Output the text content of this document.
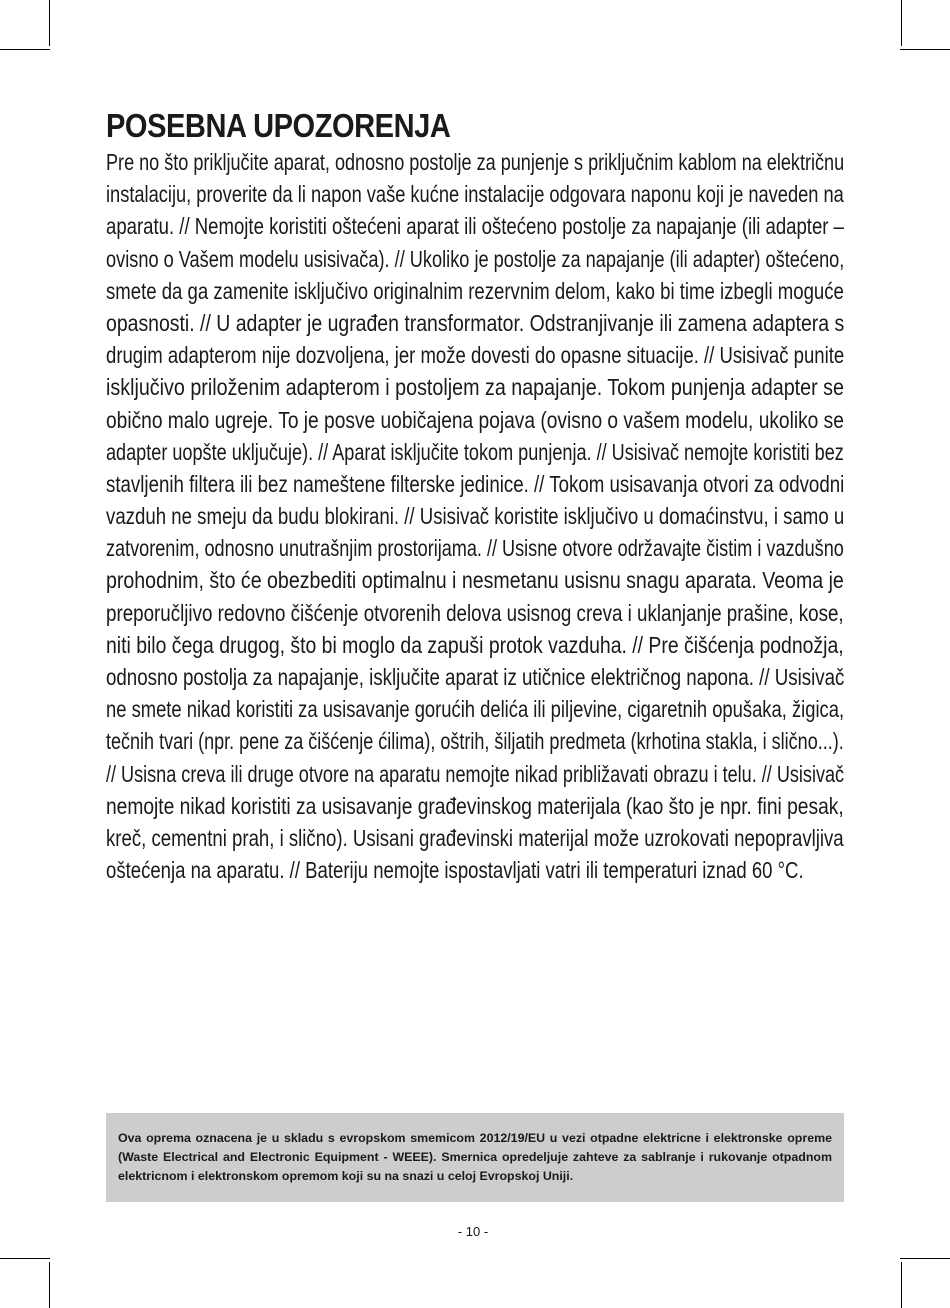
POSEBNA UPOZORENJA
Pre no što priključite aparat, odnosno postolje za punjenje s priključnim kablom na električnu
instalaciju, proverite da li napon vaše kućne instalacije odgovara naponu koji je naveden na
aparatu. // Nemojte koristiti oštećeni aparat ili oštećeno postolje za napajanje (ili adapter –
ovisno o Vašem modelu usisivača). // Ukoliko je postolje za napajanje (ili adapter) oštećeno,
smete da ga zamenite isključivo originalnim rezervnim delom, kako bi time izbegli moguće
opasnosti. // U adapter je ugrađen transformator. Odstranjivanje ili zamena adaptera s
drugim adapterom nije dozvoljena, jer može dovesti do opasne situacije. // Usisivač punite
isključivo priloženim adapterom i postoljem za napajanje. Tokom punjenja adapter se
obično malo ugreje. To je posve uobičajena pojava (ovisno o vašem modelu, ukoliko se
adapter uopšte uključuje). // Aparat isključite tokom punjenja. // Usisivač nemojte koristiti bez
stavljenih filtera ili bez nameštene filterske jedinice. // Tokom usisavanja otvori za odvodni
vazduh ne smeju da budu blokirani. // Usisivač koristite isključivo u domaćinstvu, i samo u
zatvorenim, odnosno unutrašnjim prostorijama. // Usisne otvore održavajte čistim i vazdušno
prohodnim, što će obezbediti optimalnu i nesmetanu usisnu snagu aparata. Veoma je
preporučljivo redovno čišćenje otvorenih delova usisnog creva i uklanjanje prašine, kose,
niti bilo čega drugog, što bi moglo da zapuši protok vazduha. // Pre čišćenja podnožja,
odnosno postolja za napajanje, isključite aparat iz utičnice električnog napona. // Usisivač
ne smete nikad koristiti za usisavanje gorućih delića ili piljevine, cigaretnih opušaka, žigica,
tečnih tvari (npr. pene za čišćenje ćilima), oštrih, šiljatih predmeta (krhotina stakla, i slično...).
// Usisna creva ili druge otvore na aparatu nemojte nikad približavati obrazu i telu. // Usisivač
nemojte nikad koristiti za usisavanje građevinskog materijala (kao što je npr. fini pesak,
kreč, cementni prah, i slično). Usisani građevinski materijal može uzrokovati nepopravljiva
oštećenja na aparatu. // Bateriju nemojte ispostavljati vatri ili temperaturi iznad 60 °C.

Ova oprema oznacena je u skladu s evropskom smemicom 2012/19/EU u vezi otpadne elektricne i elektronske opreme (Waste Electrical and Electronic Equipment - WEEE). Smernica opredeljuje zahteve za sablranje i rukovanje otpadnom elektricnom i elektronskom opremom koji su na snazi u celoj Evropskoj Uniji.

- 10 -
